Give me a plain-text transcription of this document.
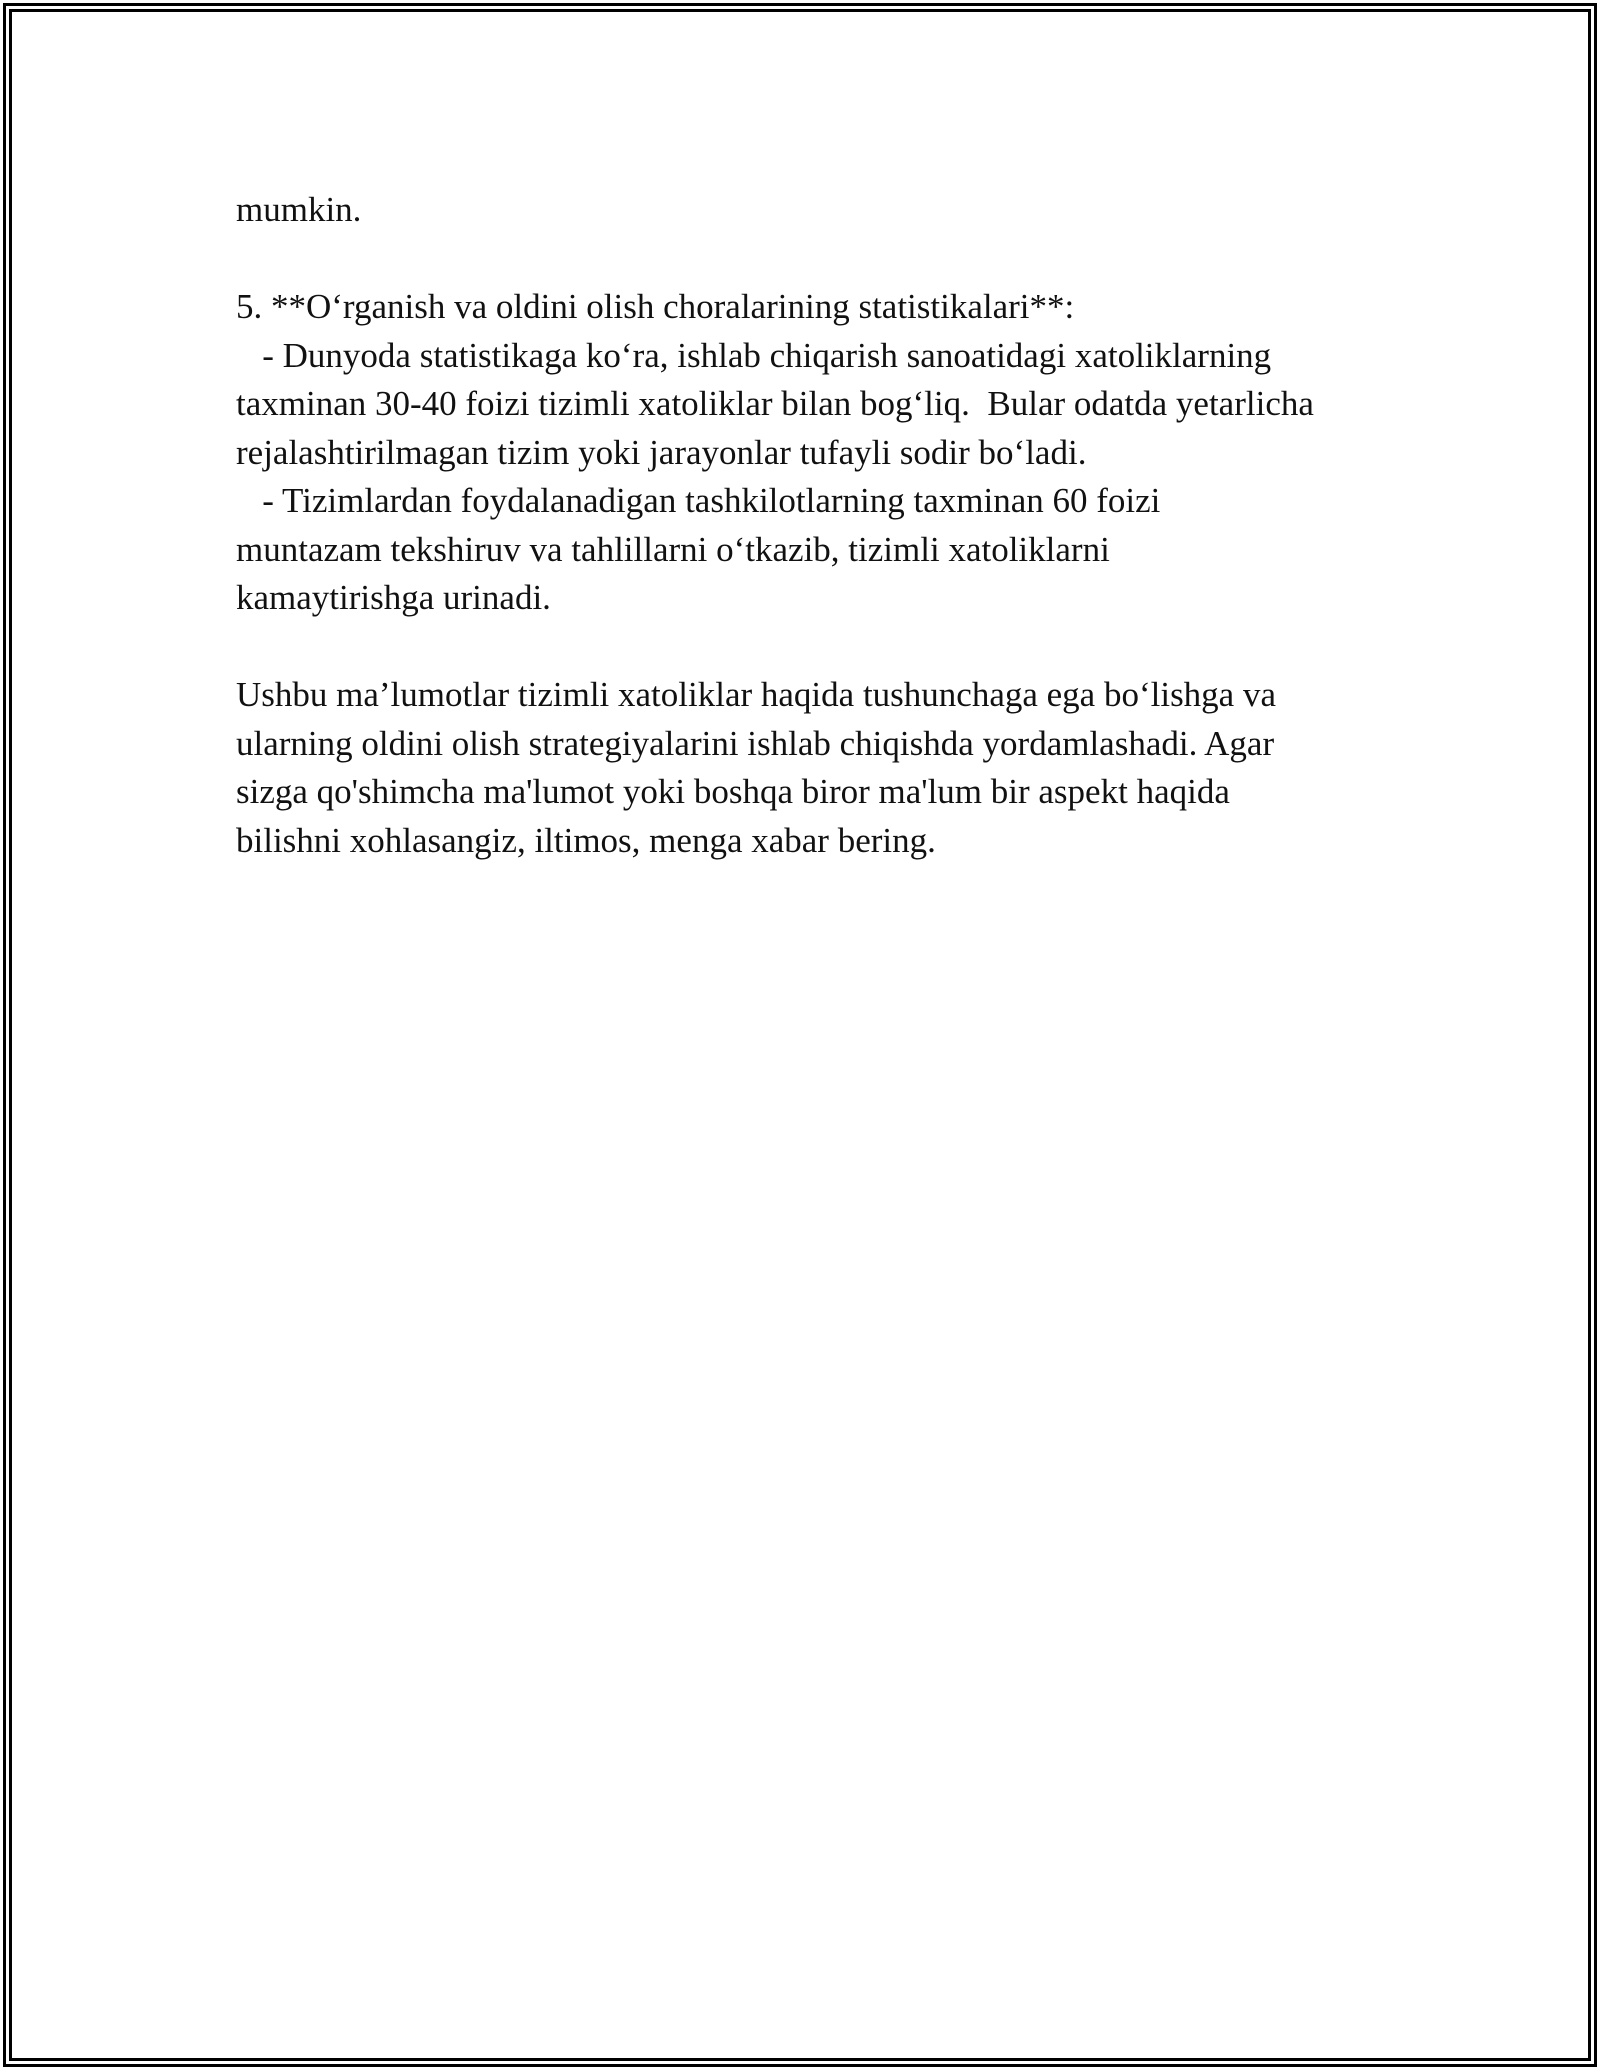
mumkin.
5. **O‘rganish va oldini olish choralarining statistikalari**:
- Dunyoda statistikaga ko‘ra, ishlab chiqarish sanoatidagi xatoliklarning
taxminan 30-40 foizi tizimli xatoliklar bilan bog‘liq.  Bular odatda yetarlicha
rejalashtirilmagan tizim yoki jarayonlar tufayli sodir bo‘ladi.
- Tizimlardan foydalanadigan tashkilotlarning taxminan 60 foizi
muntazam tekshiruv va tahlillarni o‘tkazib, tizimli xatoliklarni
kamaytirishga urinadi.
Ushbu ma’lumotlar tizimli xatoliklar haqida tushunchaga ega bo‘lishga va
ularning oldini olish strategiyalarini ishlab chiqishda yordamlashadi. Agar
sizga qo'shimcha ma'lumot yoki boshqa biror ma'lum bir aspekt haqida
bilishni xohlasangiz, iltimos, menga xabar bering.
